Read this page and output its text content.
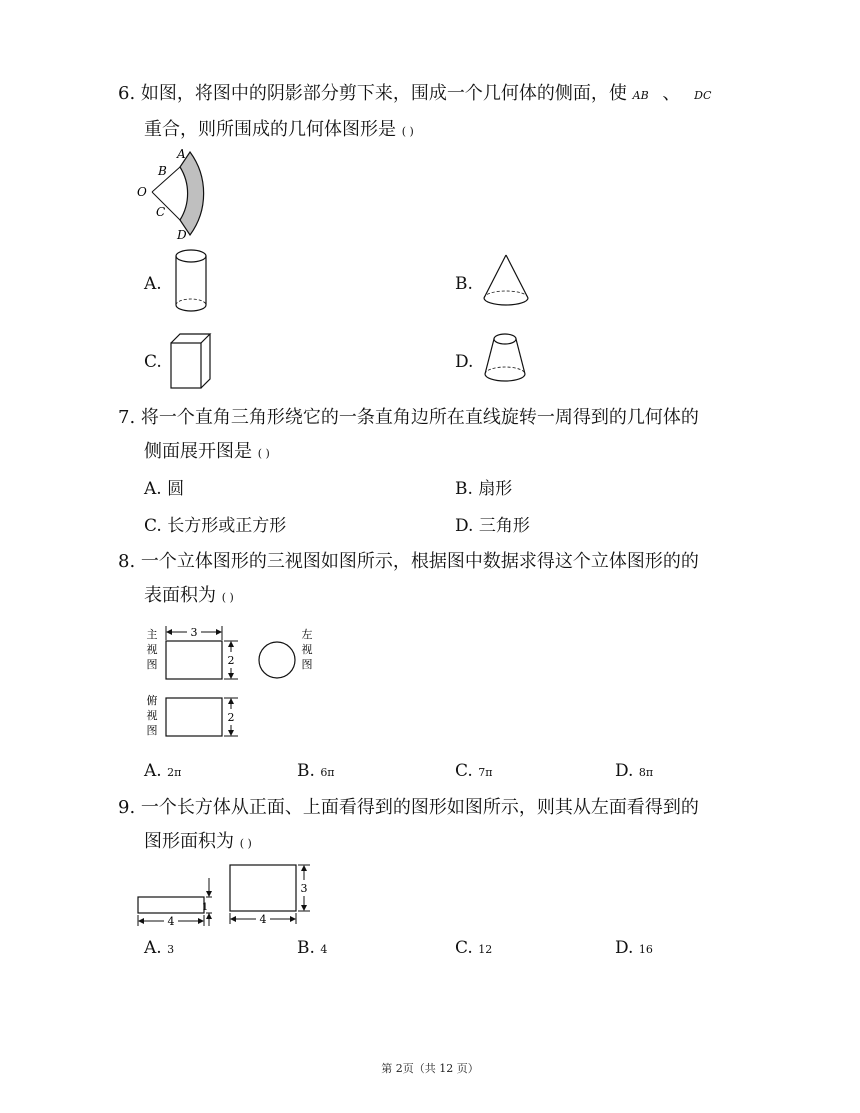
6. 如图，将图中的阴影部分剪下来，围成一个几何体的侧面，使 AB 、 DC
重合，则所围成的几何体图形是 ( )
A
B
O
C
D
A.	B.
C.	D.
7. 将一个直角三角形绕它的一条直角边所在直线旋转一周得到的几何体的
侧面展开图是 ( )
A. 圆	B. 扇形
C. 长方形或正方形	D. 三角形
8. 一个立体图形的三视图如图所示，根据图中数据求得这个立体图形的的
表面积为 ( )
主
视
图
3
2
左
视
图
俯
视
图
2
A. 2π	B. 6π	C. 7π	D. 8π
9. 一个长方体从正面、上面看得到的图形如图所示，则其从左面看得到的
图形面积为 ( )
4
1
4
3
A. 3	B. 4	C. 12	D. 16
第 2页（共 12 页）
